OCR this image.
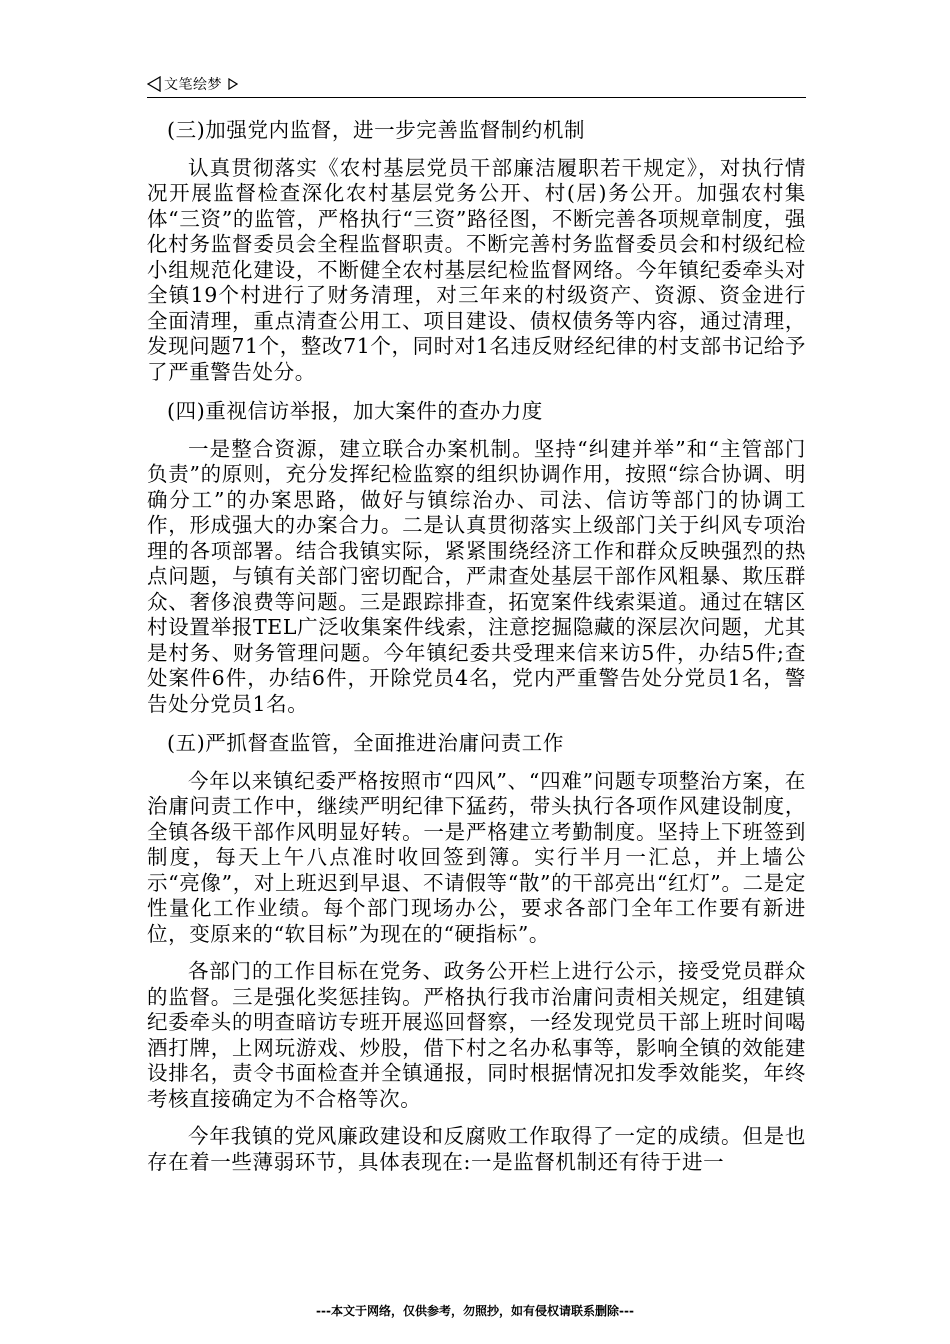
文笔绘梦

(三)加强党内监督，进一步完善监督制约机制

认真贯彻落实《农村基层党员干部廉洁履职若干规定》，对执行情况开展监督检查深化农村基层党务公开、村(居)务公开。加强农村集体“三资”的监管，严格执行“三资”路径图，不断完善各项规章制度，强化村务监督委员会全程监督职责。不断完善村务监督委员会和村级纪检小组规范化建设，不断健全农村基层纪检监督网络。今年镇纪委牵头对全镇19个村进行了财务清理，对三年来的村级资产、资源、资金进行全面清理，重点清查公用工、项目建设、债权债务等内容，通过清理，发现问题71个，整改71个，同时对1名违反财经纪律的村支部书记给予了严重警告处分。

(四)重视信访举报，加大案件的查办力度

一是整合资源，建立联合办案机制。坚持“纠建并举”和“主管部门负责”的原则，充分发挥纪检监察的组织协调作用，按照“综合协调、明确分工”的办案思路，做好与镇综治办、司法、信访等部门的协调工作，形成强大的办案合力。二是认真贯彻落实上级部门关于纠风专项治理的各项部署。结合我镇实际，紧紧围绕经济工作和群众反映强烈的热点问题，与镇有关部门密切配合，严肃查处基层干部作风粗暴、欺压群众、奢侈浪费等问题。三是跟踪排查，拓宽案件线索渠道。通过在辖区村设置举报TEL广泛收集案件线索，注意挖掘隐藏的深层次问题，尤其是村务、财务管理问题。今年镇纪委共受理来信来访5件，办结5件;查处案件6件，办结6件，开除党员4名，党内严重警告处分党员1名，警告处分党员1名。

(五)严抓督查监管，全面推进治庸问责工作

今年以来镇纪委严格按照市“四风”、“四难”问题专项整治方案，在治庸问责工作中，继续严明纪律下猛药，带头执行各项作风建设制度，全镇各级干部作风明显好转。一是严格建立考勤制度。坚持上下班签到制度，每天上午八点准时收回签到簿。实行半月一汇总，并上墙公示“亮像”，对上班迟到早退、不请假等“散”的干部亮出“红灯”。二是定性量化工作业绩。每个部门现场办公，要求各部门全年工作要有新进位，变原来的“软目标”为现在的“硬指标”。

各部门的工作目标在党务、政务公开栏上进行公示，接受党员群众的监督。三是强化奖惩挂钩。严格执行我市治庸问责相关规定，组建镇纪委牵头的明查暗访专班开展巡回督察，一经发现党员干部上班时间喝酒打牌，上网玩游戏、炒股，借下村之名办私事等，影响全镇的效能建设排名，责令书面检查并全镇通报，同时根据情况扣发季效能奖，年终考核直接确定为不合格等次。

今年我镇的党风廉政建设和反腐败工作取得了一定的成绩。但是也存在着一些薄弱环节，具体表现在:一是监督机制还有待于进一

---本文于网络，仅供参考，勿照抄，如有侵权请联系删除---
